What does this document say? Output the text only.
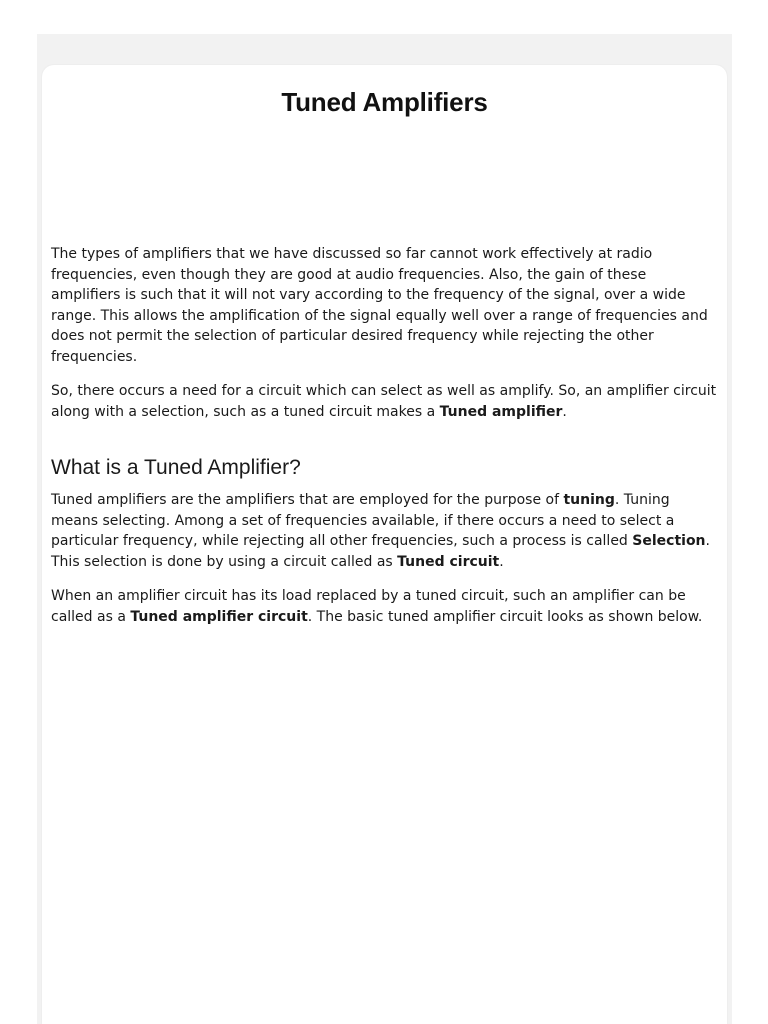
Tuned Amplifiers

The types of amplifiers that we have discussed so far cannot work effectively at radio frequencies, even though they are good at audio frequencies. Also, the gain of these amplifiers is such that it will not vary according to the frequency of the signal, over a wide range. This allows the amplification of the signal equally well over a range of frequencies and does not permit the selection of particular desired frequency while rejecting the other frequencies.

So, there occurs a need for a circuit which can select as well as amplify. So, an amplifier circuit along with a selection, such as a tuned circuit makes a Tuned amplifier.

What is a Tuned Amplifier?

Tuned amplifiers are the amplifiers that are employed for the purpose of tuning. Tuning means selecting. Among a set of frequencies available, if there occurs a need to select a particular frequency, while rejecting all other frequencies, such a process is called Selection. This selection is done by using a circuit called as Tuned circuit.

When an amplifier circuit has its load replaced by a tuned circuit, such an amplifier can be called as a Tuned amplifier circuit. The basic tuned amplifier circuit looks as shown below.
